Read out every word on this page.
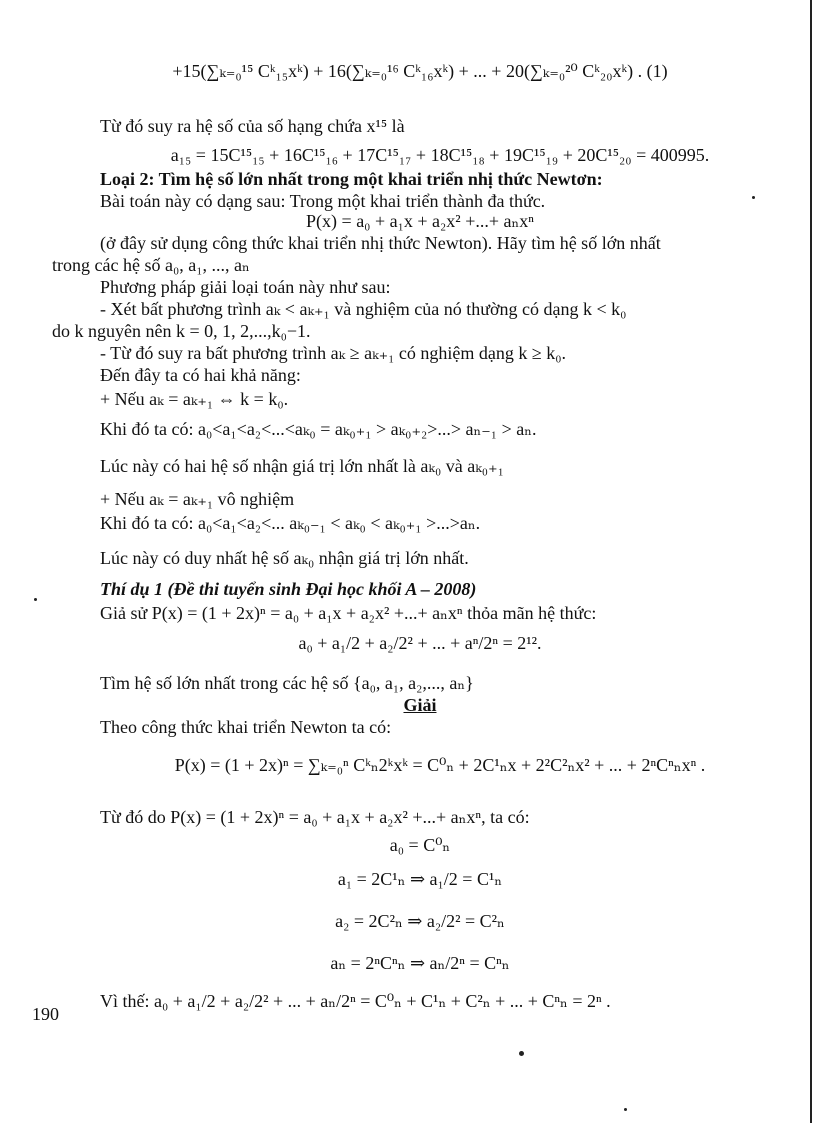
+15(∑ₖ₌₀¹⁵ Cᵏ₁₅xᵏ) + 16(∑ₖ₌₀¹⁶ Cᵏ₁₆xᵏ) + ... + 20(∑ₖ₌₀²⁰ Cᵏ₂₀xᵏ) . (1)
Từ đó suy ra hệ số của số hạng chứa x¹⁵ là
a₁₅ = 15C¹⁵₁₅ + 16C¹⁵₁₆ + 17C¹⁵₁₇ + 18C¹⁵₁₈ + 19C¹⁵₁₉ + 20C¹⁵₂₀ = 400995.
Loại 2: Tìm hệ số lớn nhất trong một khai triển nhị thức Newtơn:
Bài toán này có dạng sau: Trong một khai triển thành đa thức.
P(x) = a₀ + a₁x + a₂x² +...+ aₙxⁿ
(ở đây sử dụng công thức khai triển nhị thức Newton). Hãy tìm hệ số lớn nhất
trong các hệ số a₀, a₁, ..., aₙ
Phương pháp giải loại toán này như sau:
- Xét bất phương trình aₖ < aₖ₊₁ và nghiệm của nó thường có dạng k < k₀
do k nguyên nên k = 0, 1, 2,...,k₀−1.
- Từ đó suy ra bất phương trình aₖ ≥ aₖ₊₁ có nghiệm dạng k ≥ k₀.
Đến đây ta có hai khả năng:
+ Nếu aₖ = aₖ₊₁ ⇔ k = k₀.
Khi đó ta có: a₀<a₁<a₂<...<aₖ₀ = aₖ₀₊₁ > aₖ₀₊₂>...> aₙ₋₁ > aₙ.
Lúc này có hai hệ số nhận giá trị lớn nhất là aₖ₀ và aₖ₀₊₁
+ Nếu aₖ = aₖ₊₁ vô nghiệm
Khi đó ta có: a₀<a₁<a₂<... aₖ₀₋₁ < aₖ₀ < aₖ₀₊₁ >...>aₙ.
Lúc này có duy nhất hệ số aₖ₀ nhận giá trị lớn nhất.
Thí dụ 1 (Đề thi tuyển sinh Đại học khối A – 2008)
Giả sử P(x) = (1 + 2x)ⁿ = a₀ + a₁x + a₂x² +...+ aₙxⁿ thỏa mãn hệ thức:
a₀ + a₁/2 + a₂/2² + ... + aⁿ/2ⁿ = 2¹².
Tìm hệ số lớn nhất trong các hệ số {a₀, a₁, a₂,..., aₙ}
Giải
Theo công thức khai triển Newton ta có:
P(x) = (1 + 2x)ⁿ = ∑ₖ₌₀ⁿ Cᵏₙ2ᵏxᵏ = C⁰ₙ + 2C¹ₙx + 2²C²ₙx² + ... + 2ⁿCⁿₙxⁿ .
Từ đó do P(x) = (1 + 2x)ⁿ = a₀ + a₁x + a₂x² +...+ aₙxⁿ, ta có:
a₀ = C⁰ₙ
a₁ = 2C¹ₙ ⇒ a₁/2 = C¹ₙ
a₂ = 2C²ₙ ⇒ a₂/2² = C²ₙ
aₙ = 2ⁿCⁿₙ ⇒ aₙ/2ⁿ = Cⁿₙ
Vì thế: a₀ + a₁/2 + a₂/2² + ... + aₙ/2ⁿ = C⁰ₙ + C¹ₙ + C²ₙ + ... + Cⁿₙ = 2ⁿ .
190
